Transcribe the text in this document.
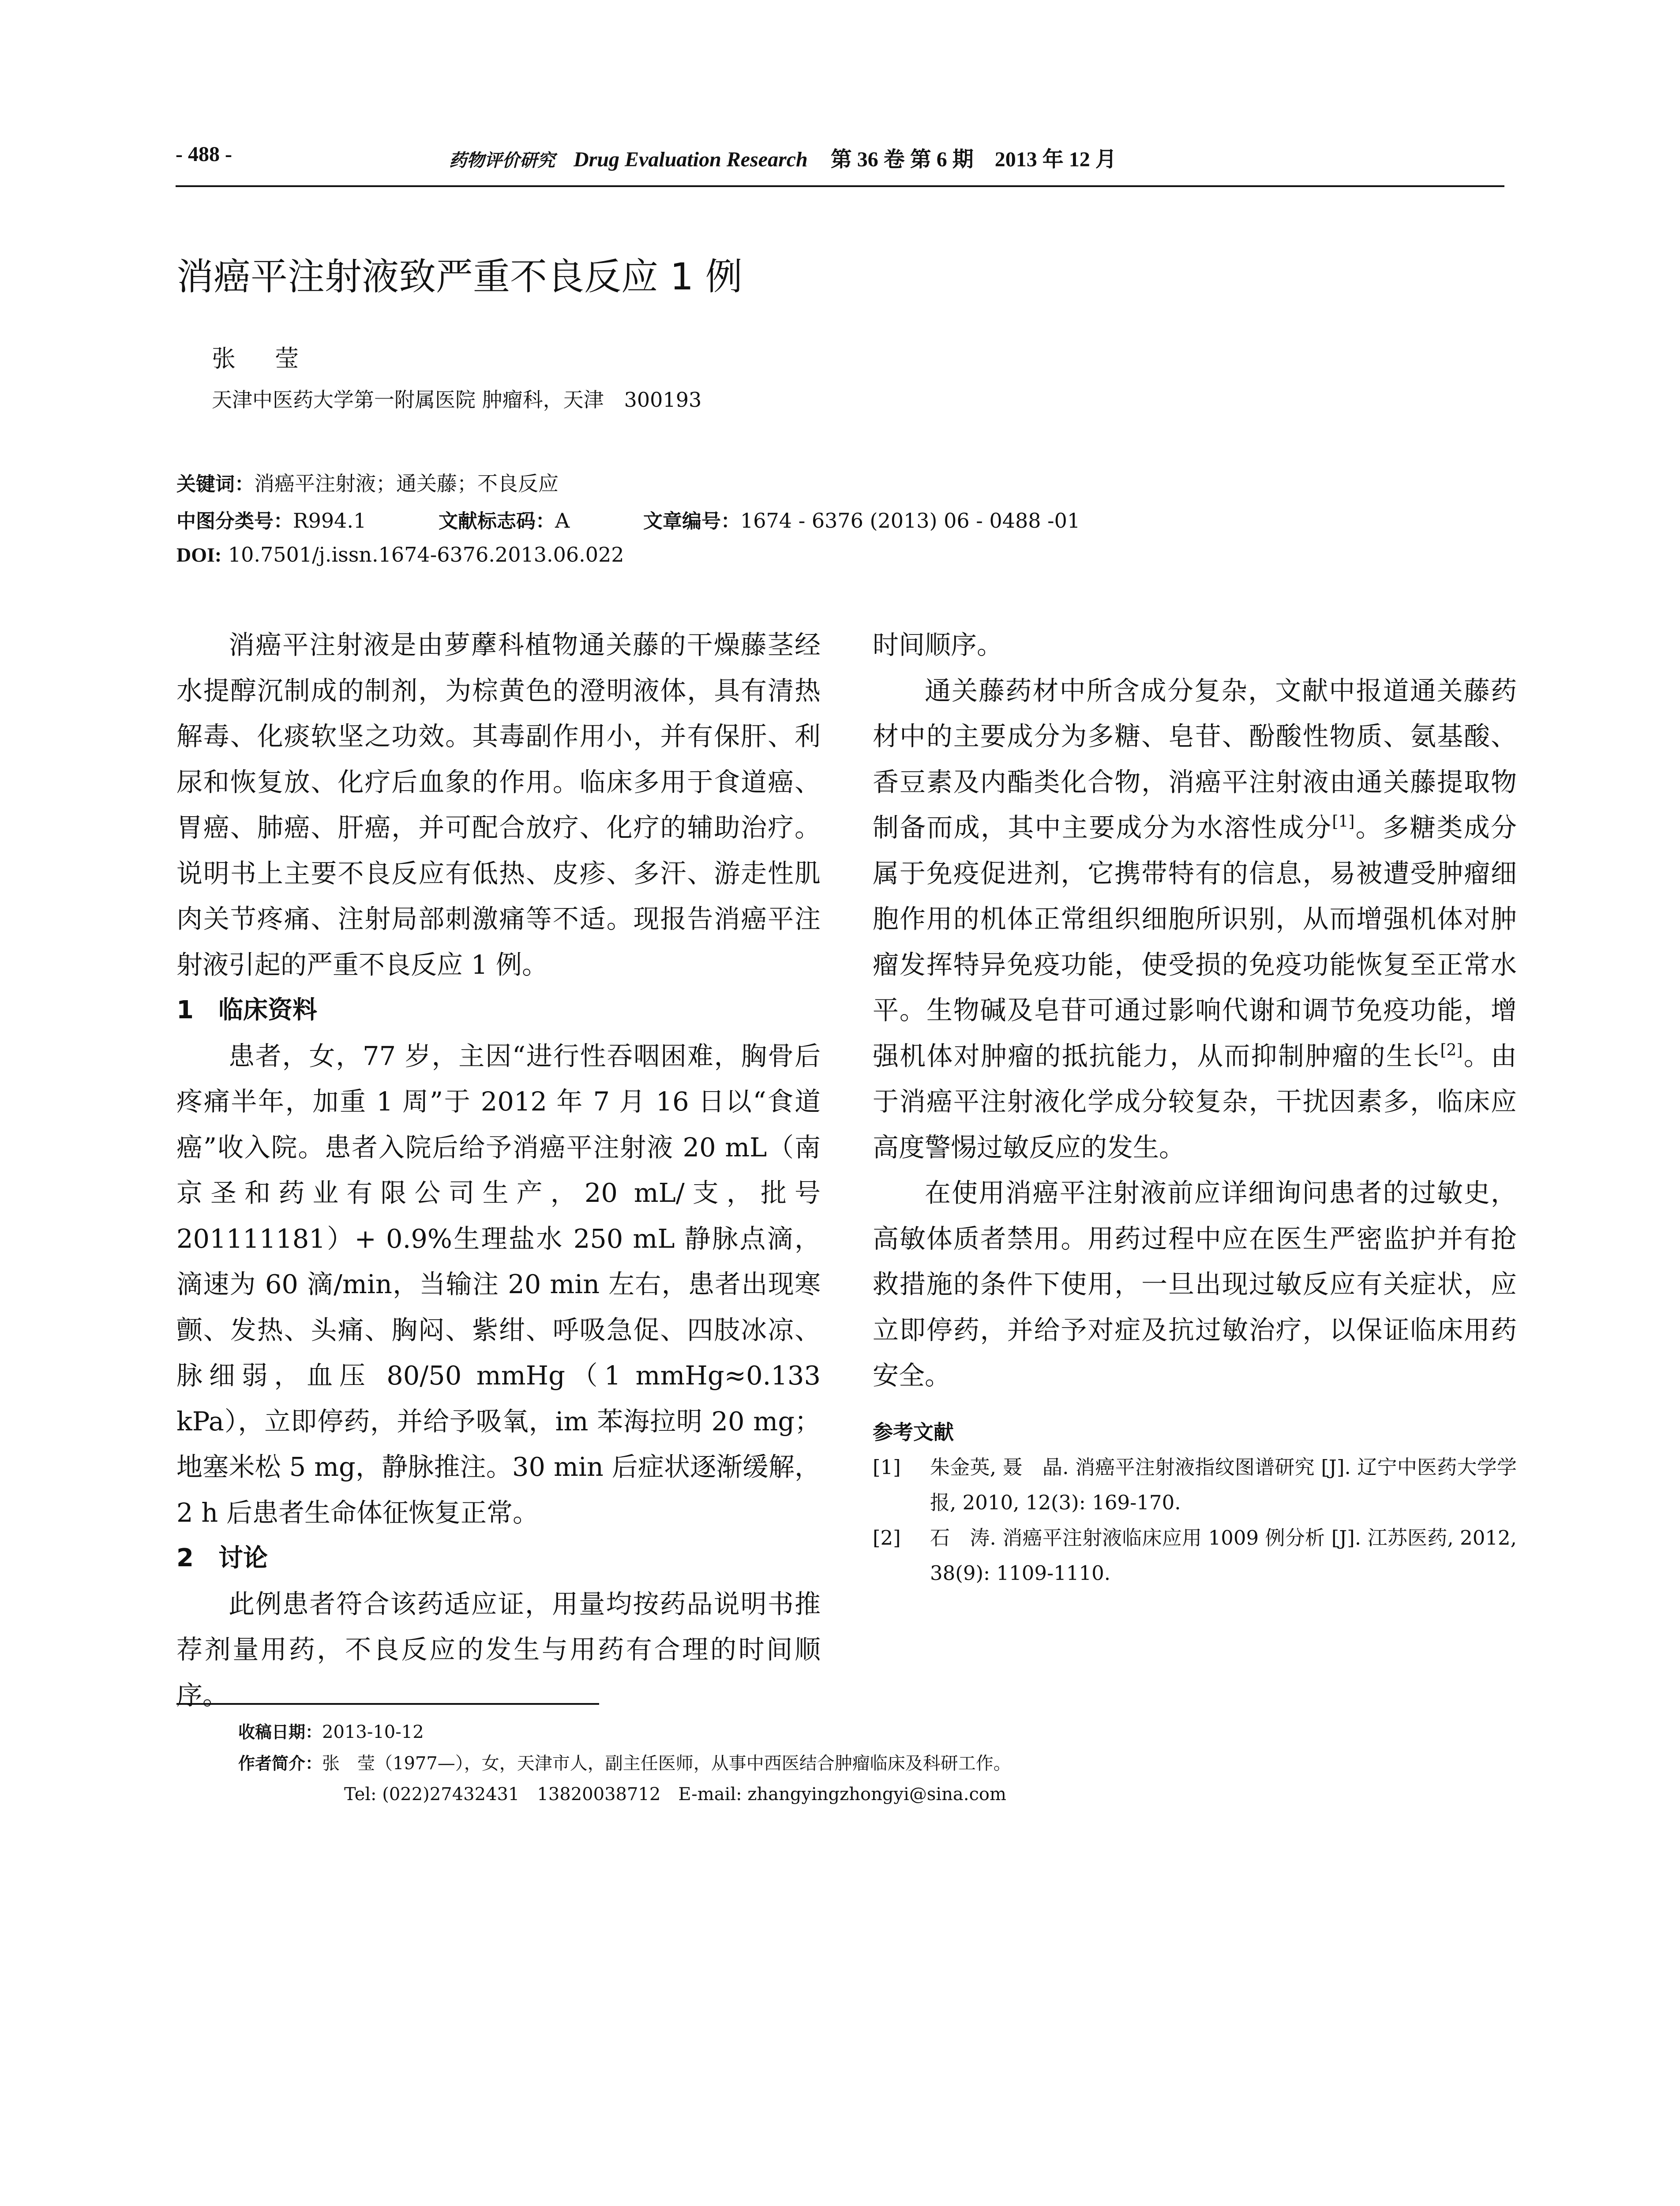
- 488 -	药物评价研究 Drug Evaluation Research 第 36 卷 第 6 期　2013 年 12 月
消癌平注射液致严重不良反应 1 例
张 莹
天津中医药大学第一附属医院 肿瘤科，天津　300193
关键词：消癌平注射液；通关藤；不良反应
中图分类号：R994.1	文献标志码：A	文章编号：1674 - 6376 (2013) 06 - 0488 -01
DOI: 10.7501/j.issn.1674-6376.2013.06.022

消癌平注射液是由萝藦科植物通关藤的干燥藤茎经水提醇沉制成的制剂，为棕黄色的澄明液体，具有清热解毒、化痰软坚之功效。其毒副作用小，并有保肝、利尿和恢复放、化疗后血象的作用。临床多用于食道癌、胃癌、肺癌、肝癌，并可配合放疗、化疗的辅助治疗。说明书上主要不良反应有低热、皮疹、多汗、游走性肌肉关节疼痛、注射局部刺激痛等不适。现报告消癌平注射液引起的严重不良反应 1 例。

1　临床资料

患者，女，77 岁，主因“进行性吞咽困难，胸骨后疼痛半年，加重 1 周”于 2012 年 7 月 16 日以“食道癌”收入院。患者入院后给予消癌平注射液 20 mL（南京圣和药业有限公司生产，20 mL/支，批号 201111181）+ 0.9%生理盐水 250 mL 静脉点滴，滴速为 60 滴/min，当输注 20 min 左右，患者出现寒颤、发热、头痛、胸闷、紫绀、呼吸急促、四肢冰凉、脉细弱，血压 80/50 mmHg（1 mmHg≈0.133 kPa），立即停药，并给予吸氧，im 苯海拉明 20 mg；地塞米松 5 mg，静脉推注。30 min 后症状逐渐缓解，2 h 后患者生命体征恢复正常。

2　讨论

此例患者符合该药适应证，用量均按药品说明书推荐剂量用药，不良反应的发生与用药有合理的时间顺序。

时间顺序。

通关藤药材中所含成分复杂，文献中报道通关藤药材中的主要成分为多糖、皂苷、酚酸性物质、氨基酸、香豆素及内酯类化合物，消癌平注射液由通关藤提取物制备而成，其中主要成分为水溶性成分[1]。多糖类成分属于免疫促进剂，它携带特有的信息，易被遭受肿瘤细胞作用的机体正常组织细胞所识别，从而增强机体对肿瘤发挥特异免疫功能，使受损的免疫功能恢复至正常水平。生物碱及皂苷可通过影响代谢和调节免疫功能，增强机体对肿瘤的抵抗能力，从而抑制肿瘤的生长[2]。由于消癌平注射液化学成分较复杂，干扰因素多，临床应高度警惕过敏反应的发生。

在使用消癌平注射液前应详细询问患者的过敏史，高敏体质者禁用。用药过程中应在医生严密监护并有抢救措施的条件下使用，一旦出现过敏反应有关症状，应立即停药，并给予对症及抗过敏治疗，以保证临床用药安全。

参考文献
[1] 朱金英, 聂　晶. 消癌平注射液指纹图谱研究 [J]. 辽宁中医药大学学报, 2010, 12(3): 169-170.
[2] 石　涛. 消癌平注射液临床应用 1009 例分析 [J]. 江苏医药, 2012, 38(9): 1109-1110.
收稿日期：2013-10-12
作者简介：张　莹（1977—），女，天津市人，副主任医师，从事中西医结合肿瘤临床及科研工作。
Tel: (022)27432431　13820038712　E-mail: zhangyingzhongyi@sina.com
